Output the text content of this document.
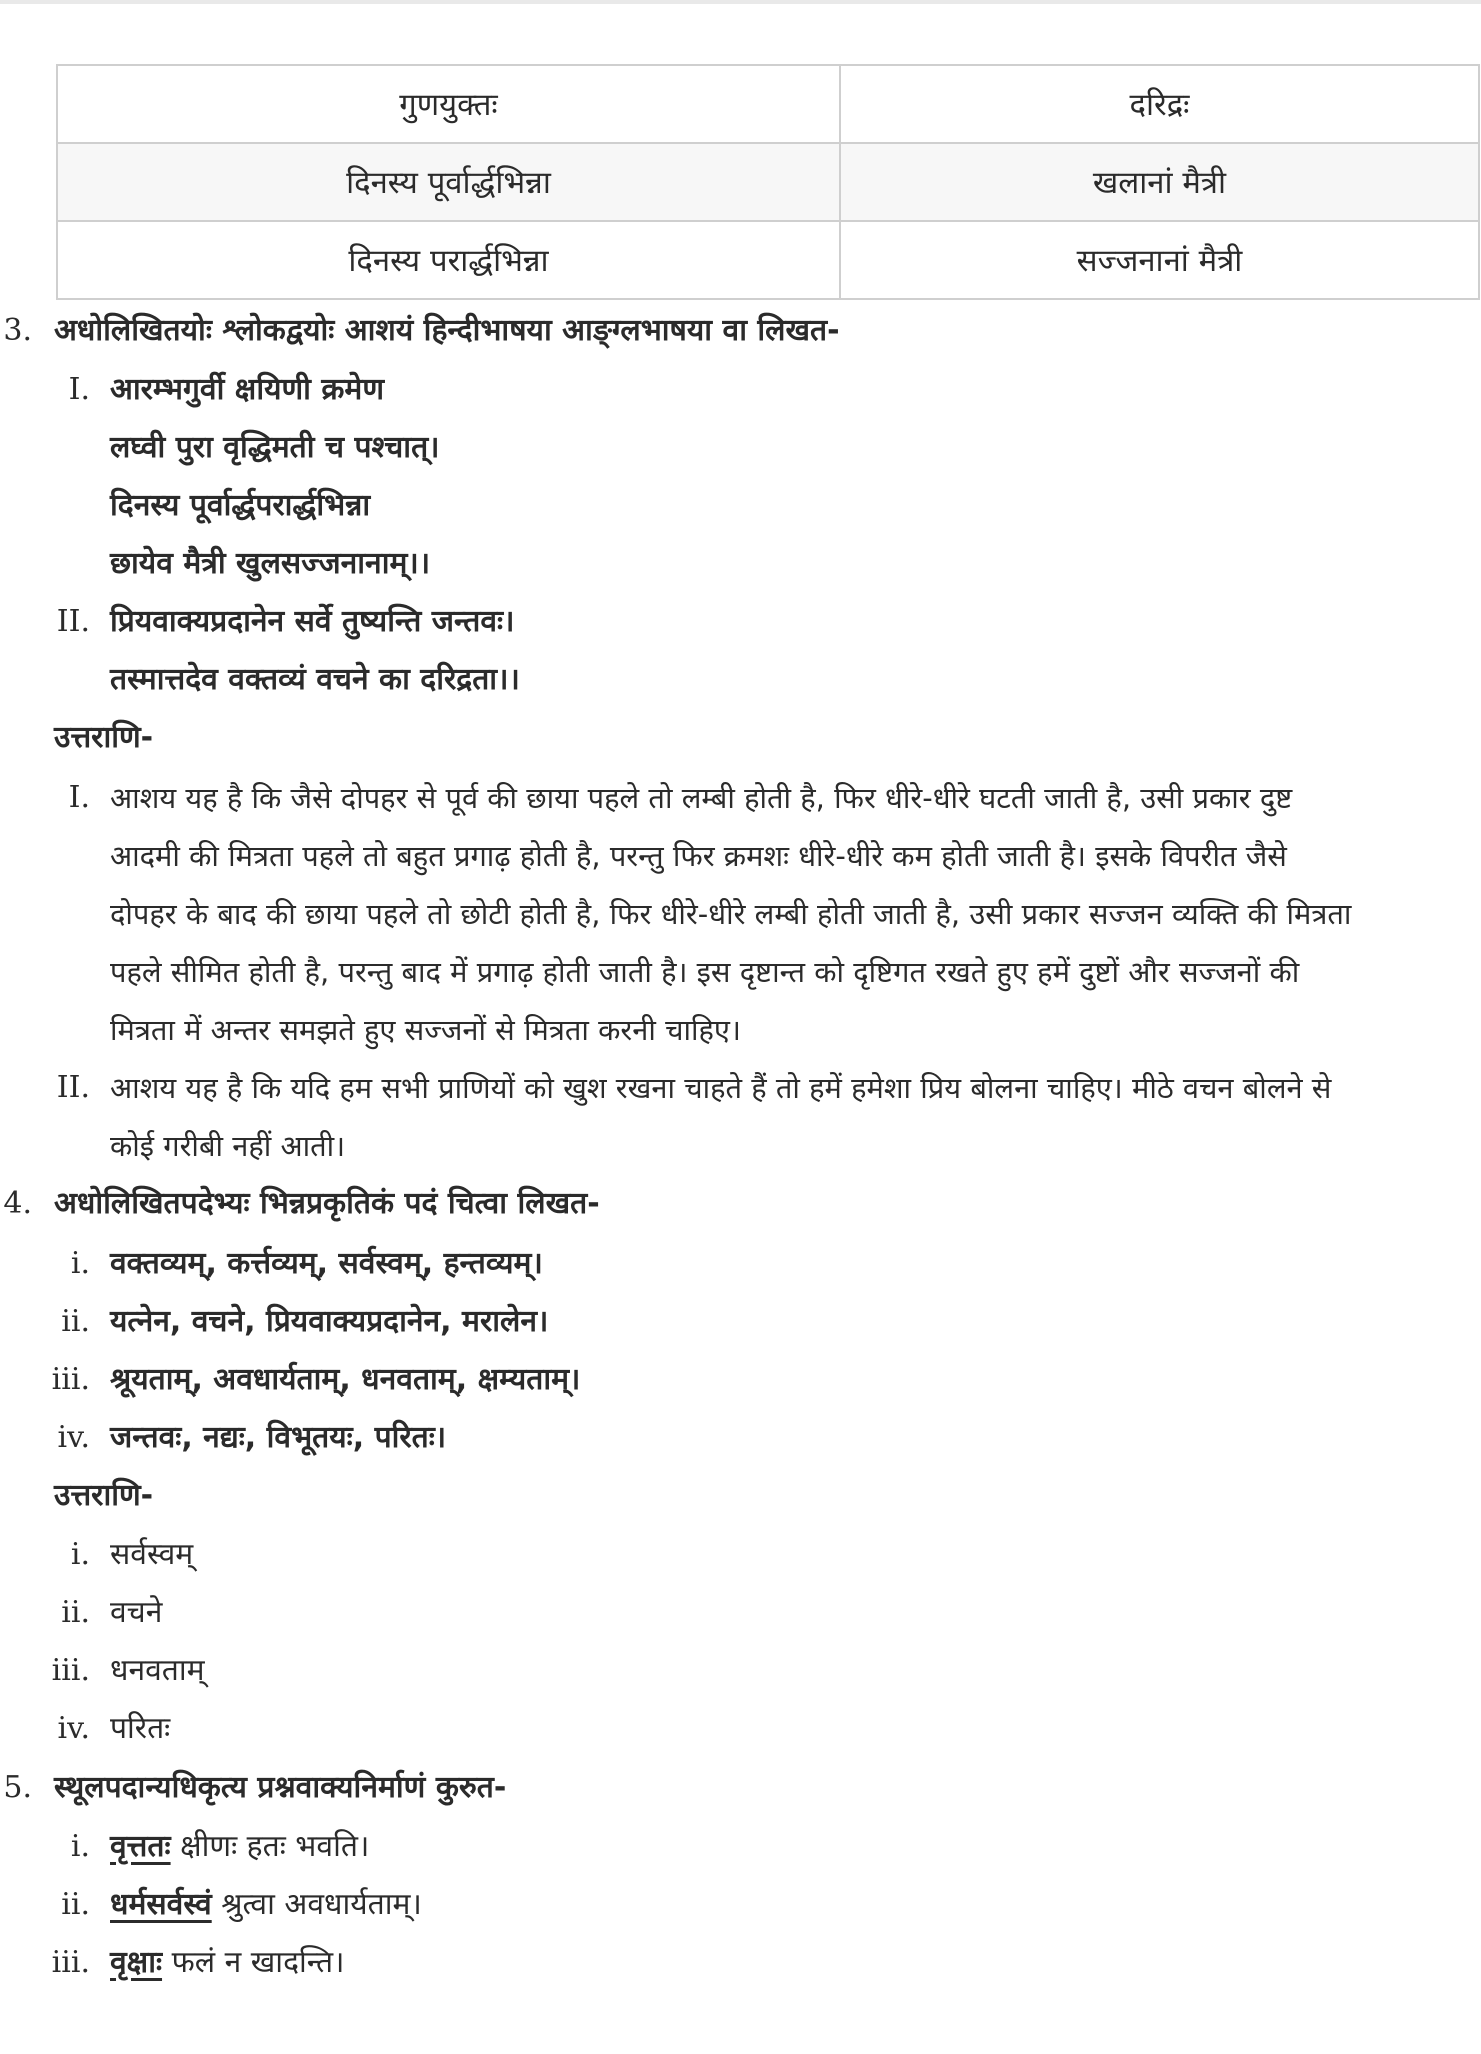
गुणयुक्तः	दरिद्रः
दिनस्य पूर्वार्द्धभिन्ना	खलानां मैत्री
दिनस्य परार्द्धभिन्ना	सज्जनानां मैत्री
3. अधोलिखितयोः श्लोकद्वयोः आशयं हिन्दीभाषया आङ्ग्लभाषया वा लिखत-
I. आरम्भगुर्वी क्षयिणी क्रमेण
लघ्वी पुरा वृद्धिमती च पश्चात्।
दिनस्य पूर्वार्द्धपरार्द्धभिन्ना
छायेव मैत्री खुलसज्जनानाम्।।
II. प्रियवाक्यप्रदानेन सर्वे तुष्यन्ति जन्तवः।
तस्मात्तदेव वक्तव्यं वचने का दरिद्रता।।
उत्तराणि-
I. आशय यह है कि जैसे दोपहर से पूर्व की छाया पहले तो लम्बी होती है, फिर धीरे-धीरे घटती जाती है, उसी प्रकार दुष्ट
आदमी की मित्रता पहले तो बहुत प्रगाढ़ होती है, परन्तु फिर क्रमशः धीरे-धीरे कम होती जाती है। इसके विपरीत जैसे
दोपहर के बाद की छाया पहले तो छोटी होती है, फिर धीरे-धीरे लम्बी होती जाती है, उसी प्रकार सज्जन व्यक्ति की मित्रता
पहले सीमित होती है, परन्तु बाद में प्रगाढ़ होती जाती है। इस दृष्टान्त को दृष्टिगत रखते हुए हमें दुष्टों और सज्जनों की
मित्रता में अन्तर समझते हुए सज्जनों से मित्रता करनी चाहिए।
II. आशय यह है कि यदि हम सभी प्राणियों को खुश रखना चाहते हैं तो हमें हमेशा प्रिय बोलना चाहिए। मीठे वचन बोलने से
कोई गरीबी नहीं आती।
4. अधोलिखितपदेभ्यः भिन्नप्रकृतिकं पदं चित्वा लिखत-
i. वक्तव्यम्, कर्त्तव्यम्, सर्वस्वम्, हन्तव्यम्।
ii. यत्नेन, वचने, प्रियवाक्यप्रदानेन, मरालेन।
iii. श्रूयताम्, अवधार्यताम्, धनवताम्, क्षम्यताम्।
iv. जन्तवः, नद्यः, विभूतयः, परितः।
उत्तराणि-
i. सर्वस्वम्
ii. वचने
iii. धनवताम्
iv. परितः
5. स्थूलपदान्यधिकृत्य प्रश्नवाक्यनिर्माणं कुरुत-
i. वृत्ततः क्षीणः हतः भवति।
ii. धर्मसर्वस्वं श्रुत्वा अवधार्यताम्।
iii. वृक्षाः फलं न खादन्ति।
